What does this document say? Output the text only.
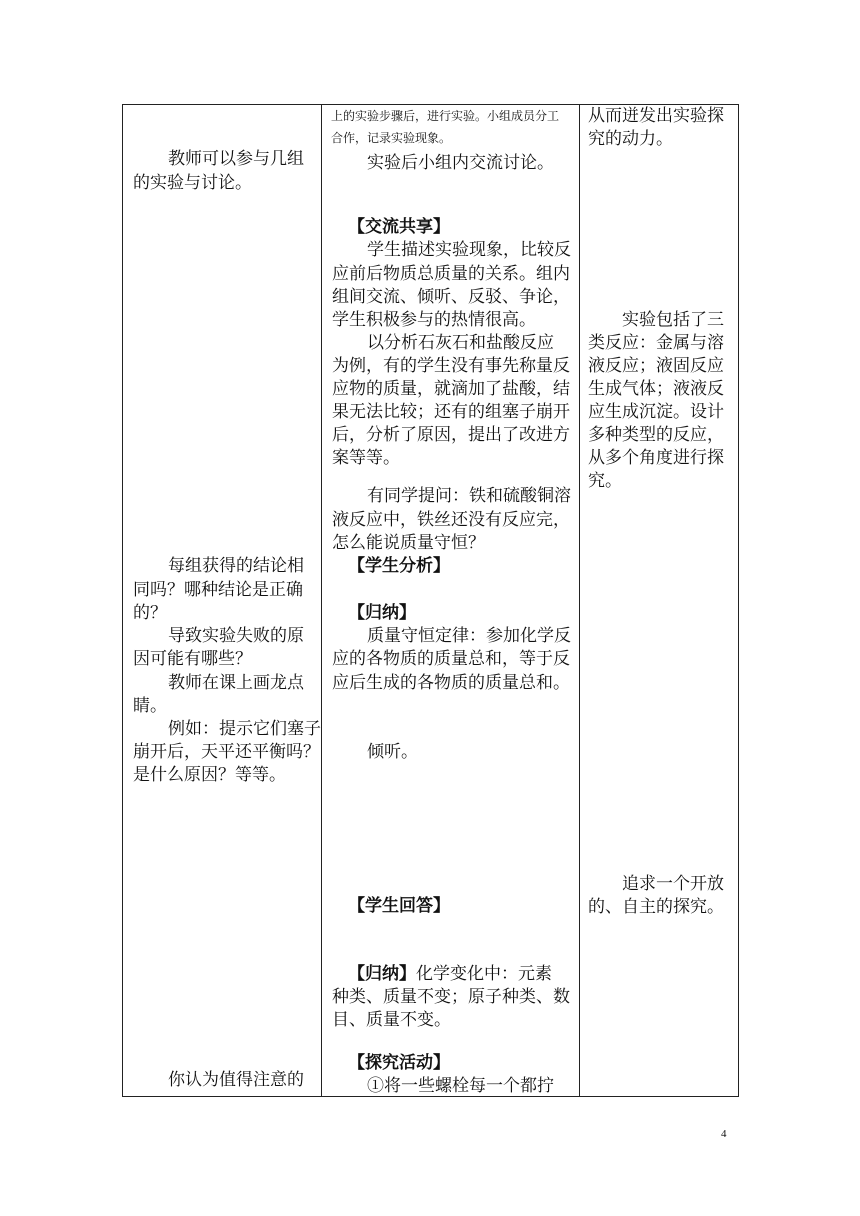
教师可以参与几组
的实验与讨论。
每组获得的结论相
同吗？哪种结论是正确
的？
导致实验失败的原
因可能有哪些？
教师在课上画龙点
睛。
例如：提示它们塞子
崩开后，天平还平衡吗？
是什么原因？等等。
你认为值得注意的
上的实验步骤后，进行实验。小组成员分工
合作，记录实验现象。
实验后小组内交流讨论。
【交流共享】
学生描述实验现象，比较反
应前后物质总质量的关系。组内
组间交流、倾听、反驳、争论，
学生积极参与的热情很高。
以分析石灰石和盐酸反应
为例，有的学生没有事先称量反
应物的质量，就滴加了盐酸，结
果无法比较；还有的组塞子崩开
后，分析了原因，提出了改进方
案等等。
有同学提问：铁和硫酸铜溶
液反应中，铁丝还没有反应完，
怎么能说质量守恒？
【学生分析】
【归纳】
质量守恒定律：参加化学反
应的各物质的质量总和，等于反
应后生成的各物质的质量总和。
倾听。
【学生回答】
【归纳】化学变化中：元素
种类、质量不变；原子种类、数
目、质量不变。
【探究活动】
①将一些螺栓每一个都拧
从而迸发出实验探
究的动力。
实验包括了三
类反应：金属与溶
液反应；液固反应
生成气体；液液反
应生成沉淀。设计
多种类型的反应，
从多个角度进行探
究。
追求一个开放
的、自主的探究。
4
